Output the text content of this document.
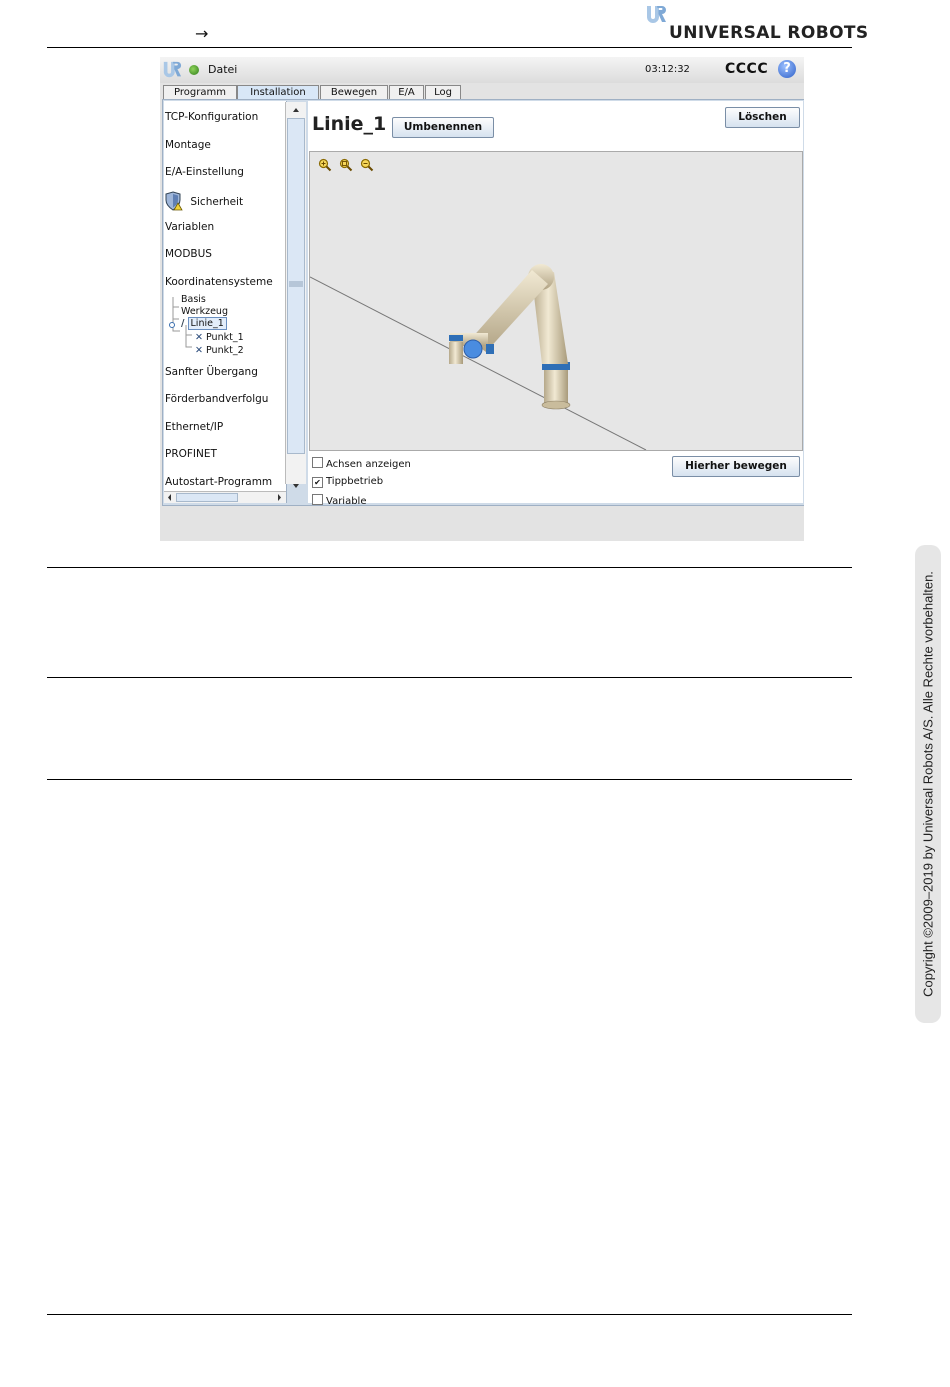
→	UNIVERSAL ROBOTS
Copyright ©2009–2019 by Universal Robots A/S. Alle Rechte vorbehalten.
Datei	03:12:32	CCCC	?
Programm	Installation	Bewegen	E/A	Log
TCP-Konfiguration
Montage
E/A-Einstellung
Sicherheit
Variablen
MODBUS
Koordinatensysteme
Basis
Werkzeug
/ Linie_1
✕ Punkt_1
✕ Punkt_2
Sanfter Übergang
Förderbandverfolgu
Ethernet/IP
PROFINET
Autostart-Programm
Linie_1	Umbenennen
Löschen
Achsen anzeigen
✔ Tippbetrieb
Variable
Hierher bewegen
